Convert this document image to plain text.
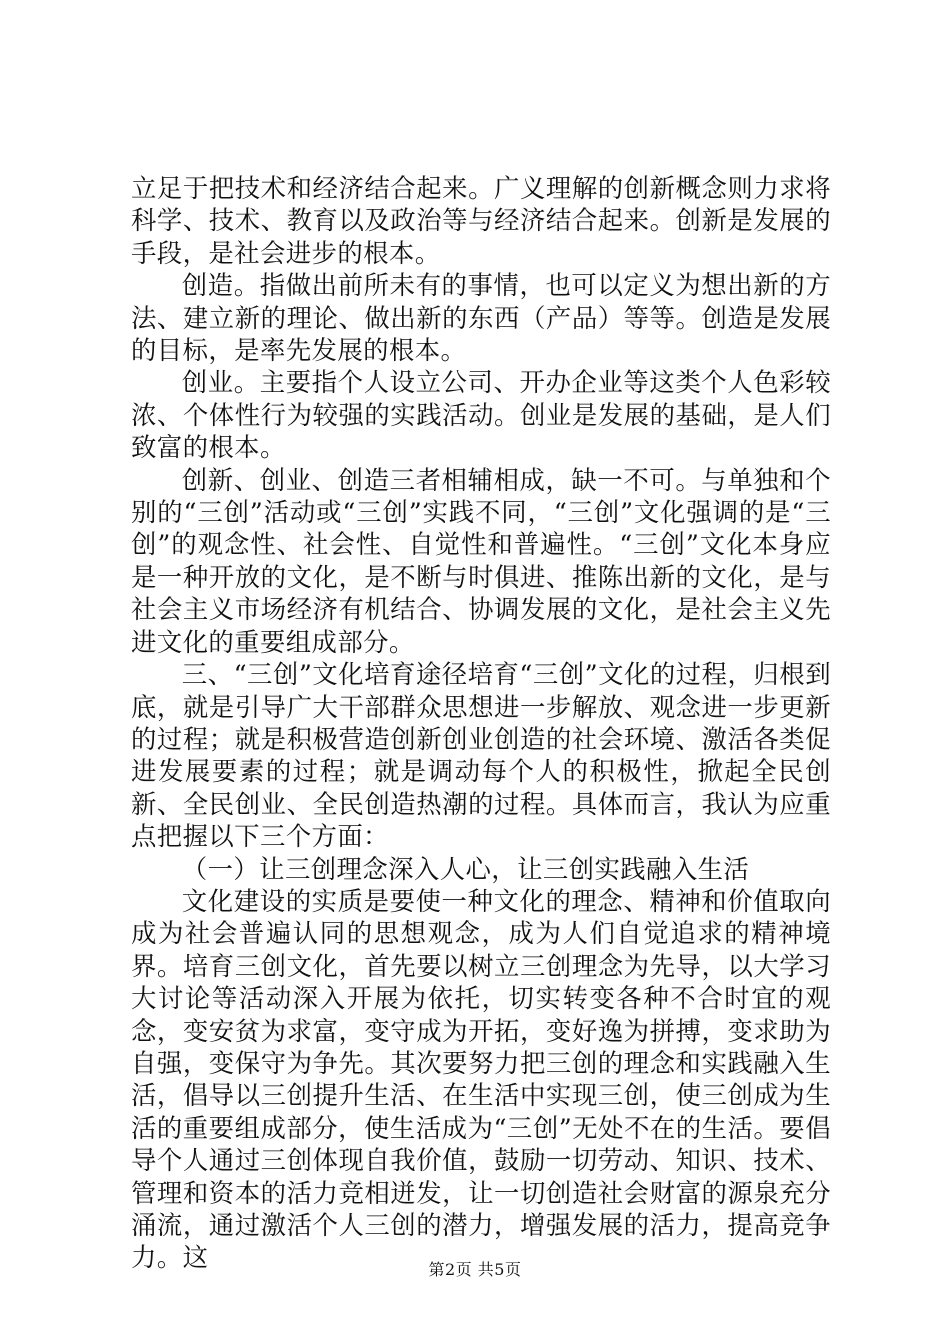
立足于把技术和经济结合起来。广义理解的创新概念则力求将科学、技术、教育以及政治等与经济结合起来。创新是发展的手段，是社会进步的根本。

创造。指做出前所未有的事情，也可以定义为想出新的方法、建立新的理论、做出新的东西（产品）等等。创造是发展的目标，是率先发展的根本。

创业。主要指个人设立公司、开办企业等这类个人色彩较浓、个体性行为较强的实践活动。创业是发展的基础，是人们致富的根本。

创新、创业、创造三者相辅相成，缺一不可。与单独和个别的“三创”活动或“三创”实践不同，“三创”文化强调的是“三创”的观念性、社会性、自觉性和普遍性。“三创”文化本身应是一种开放的文化，是不断与时俱进、推陈出新的文化，是与社会主义市场经济有机结合、协调发展的文化，是社会主义先进文化的重要组成部分。

三、“三创”文化培育途径培育“三创”文化的过程，归根到底，就是引导广大干部群众思想进一步解放、观念进一步更新的过程；就是积极营造创新创业创造的社会环境、激活各类促进发展要素的过程；就是调动每个人的积极性，掀起全民创新、全民创业、全民创造热潮的过程。具体而言，我认为应重点把握以下三个方面：

（一）让三创理念深入人心，让三创实践融入生活

文化建设的实质是要使一种文化的理念、精神和价值取向成为社会普遍认同的思想观念，成为人们自觉追求的精神境界。培育三创文化，首先要以树立三创理念为先导，以大学习大讨论等活动深入开展为依托，切实转变各种不合时宜的观念，变安贫为求富，变守成为开拓，变好逸为拼搏，变求助为自强，变保守为争先。其次要努力把三创的理念和实践融入生活，倡导以三创提升生活、在生活中实现三创，使三创成为生活的重要组成部分，使生活成为“三创”无处不在的生活。要倡导个人通过三创体现自我价值，鼓励一切劳动、知识、技术、管理和资本的活力竞相迸发，让一切创造社会财富的源泉充分涌流，通过激活个人三创的潜力，增强发展的活力，提高竞争力。这	第2页 共5页
